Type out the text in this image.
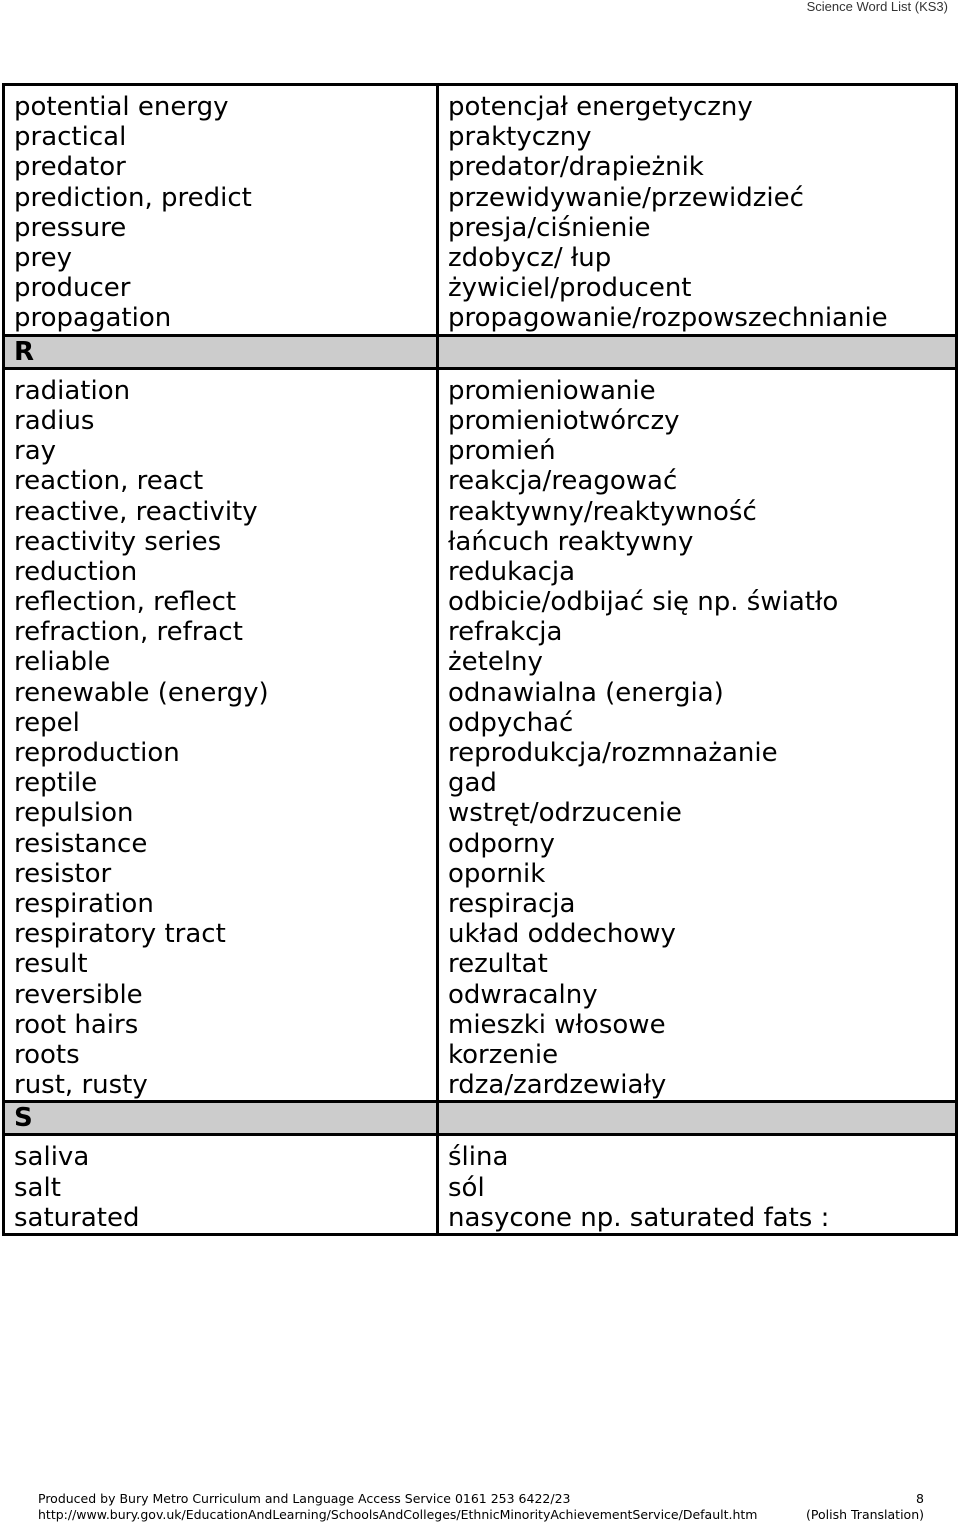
Science Word List (KS3)
potential energy	potencjał energetyczny
practical	praktyczny
predator	predator/drapieżnik
prediction, predict	przewidywanie/przewidzieć
pressure	presja/ciśnienie
prey	zdobycz/ łup
producer	żywiciel/producent
propagation	propagowanie/rozpowszechnianie
R	
radiation	promieniowanie
radius	promieniotwórczy
ray	promień
reaction, react	reakcja/reagować
reactive, reactivity	reaktywny/reaktywność
reactivity series	łańcuch reaktywny
reduction	redukacja
reflection, reflect	odbicie/odbijać się np. światło
refraction, refract	refrakcja
reliable	żetelny
renewable (energy)	odnawialna (energia)
repel	odpychać
reproduction	reprodukcja/rozmnażanie
reptile	gad
repulsion	wstręt/odrzucenie
resistance	odporny
resistor	opornik
respiration	respiracja
respiratory tract	układ oddechowy
result	rezultat
reversible	odwracalny
root hairs	mieszki włosowe
roots	korzenie
rust, rusty	rdza/zardzewiały
S	
saliva	ślina
salt	sól
saturated	nasycone np. saturated fats :
Produced by Bury Metro Curriculum and Language Access Service 0161 253 6422/23	8
http://www.bury.gov.uk/EducationAndLearning/SchoolsAndColleges/EthnicMinorityAchievementService/Default.htm	(Polish Translation)
